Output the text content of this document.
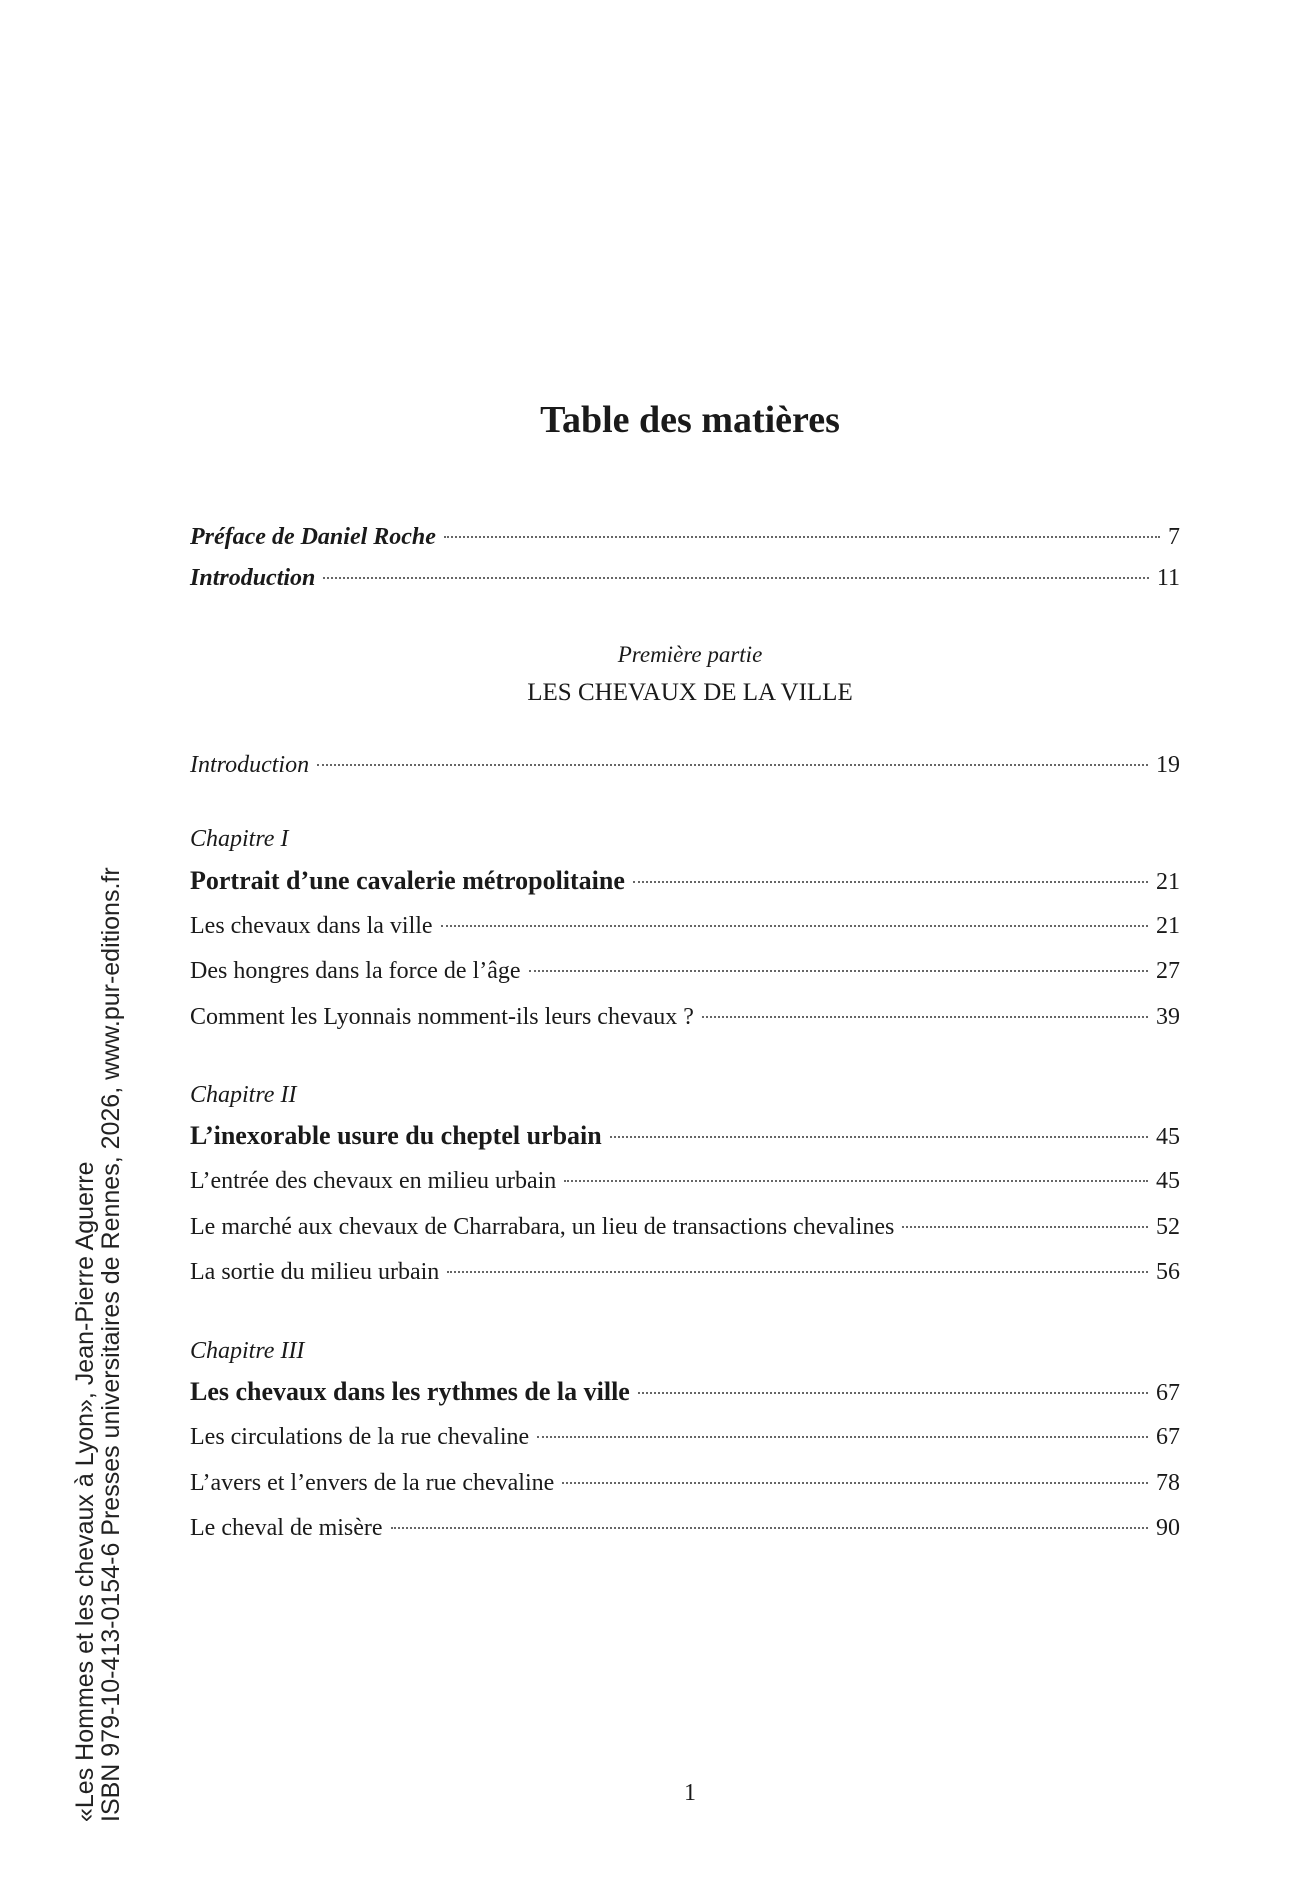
Table des matières
Préface de Daniel Roche	7
Introduction	11
Première partie
LES CHEVAUX DE LA VILLE
Introduction	19
Chapitre I
Portrait d’une cavalerie métropolitaine	21
Les chevaux dans la ville	21
Des hongres dans la force de l’âge	27
Comment les Lyonnais nomment-ils leurs chevaux ?	39
Chapitre II
L’inexorable usure du cheptel urbain	45
L’entrée des chevaux en milieu urbain	45
Le marché aux chevaux de Charrabara, un lieu de transactions chevalines	52
La sortie du milieu urbain	56
Chapitre III
Les chevaux dans les rythmes de la ville	67
Les circulations de la rue chevaline	67
L’avers et l’envers de la rue chevaline	78
Le cheval de misère	90
«Les Hommes et les chevaux à Lyon», Jean-Pierre Aguerre
ISBN 979-10-413-0154-6 Presses universitaires de Rennes, 2026, www.pur-editions.fr	1
